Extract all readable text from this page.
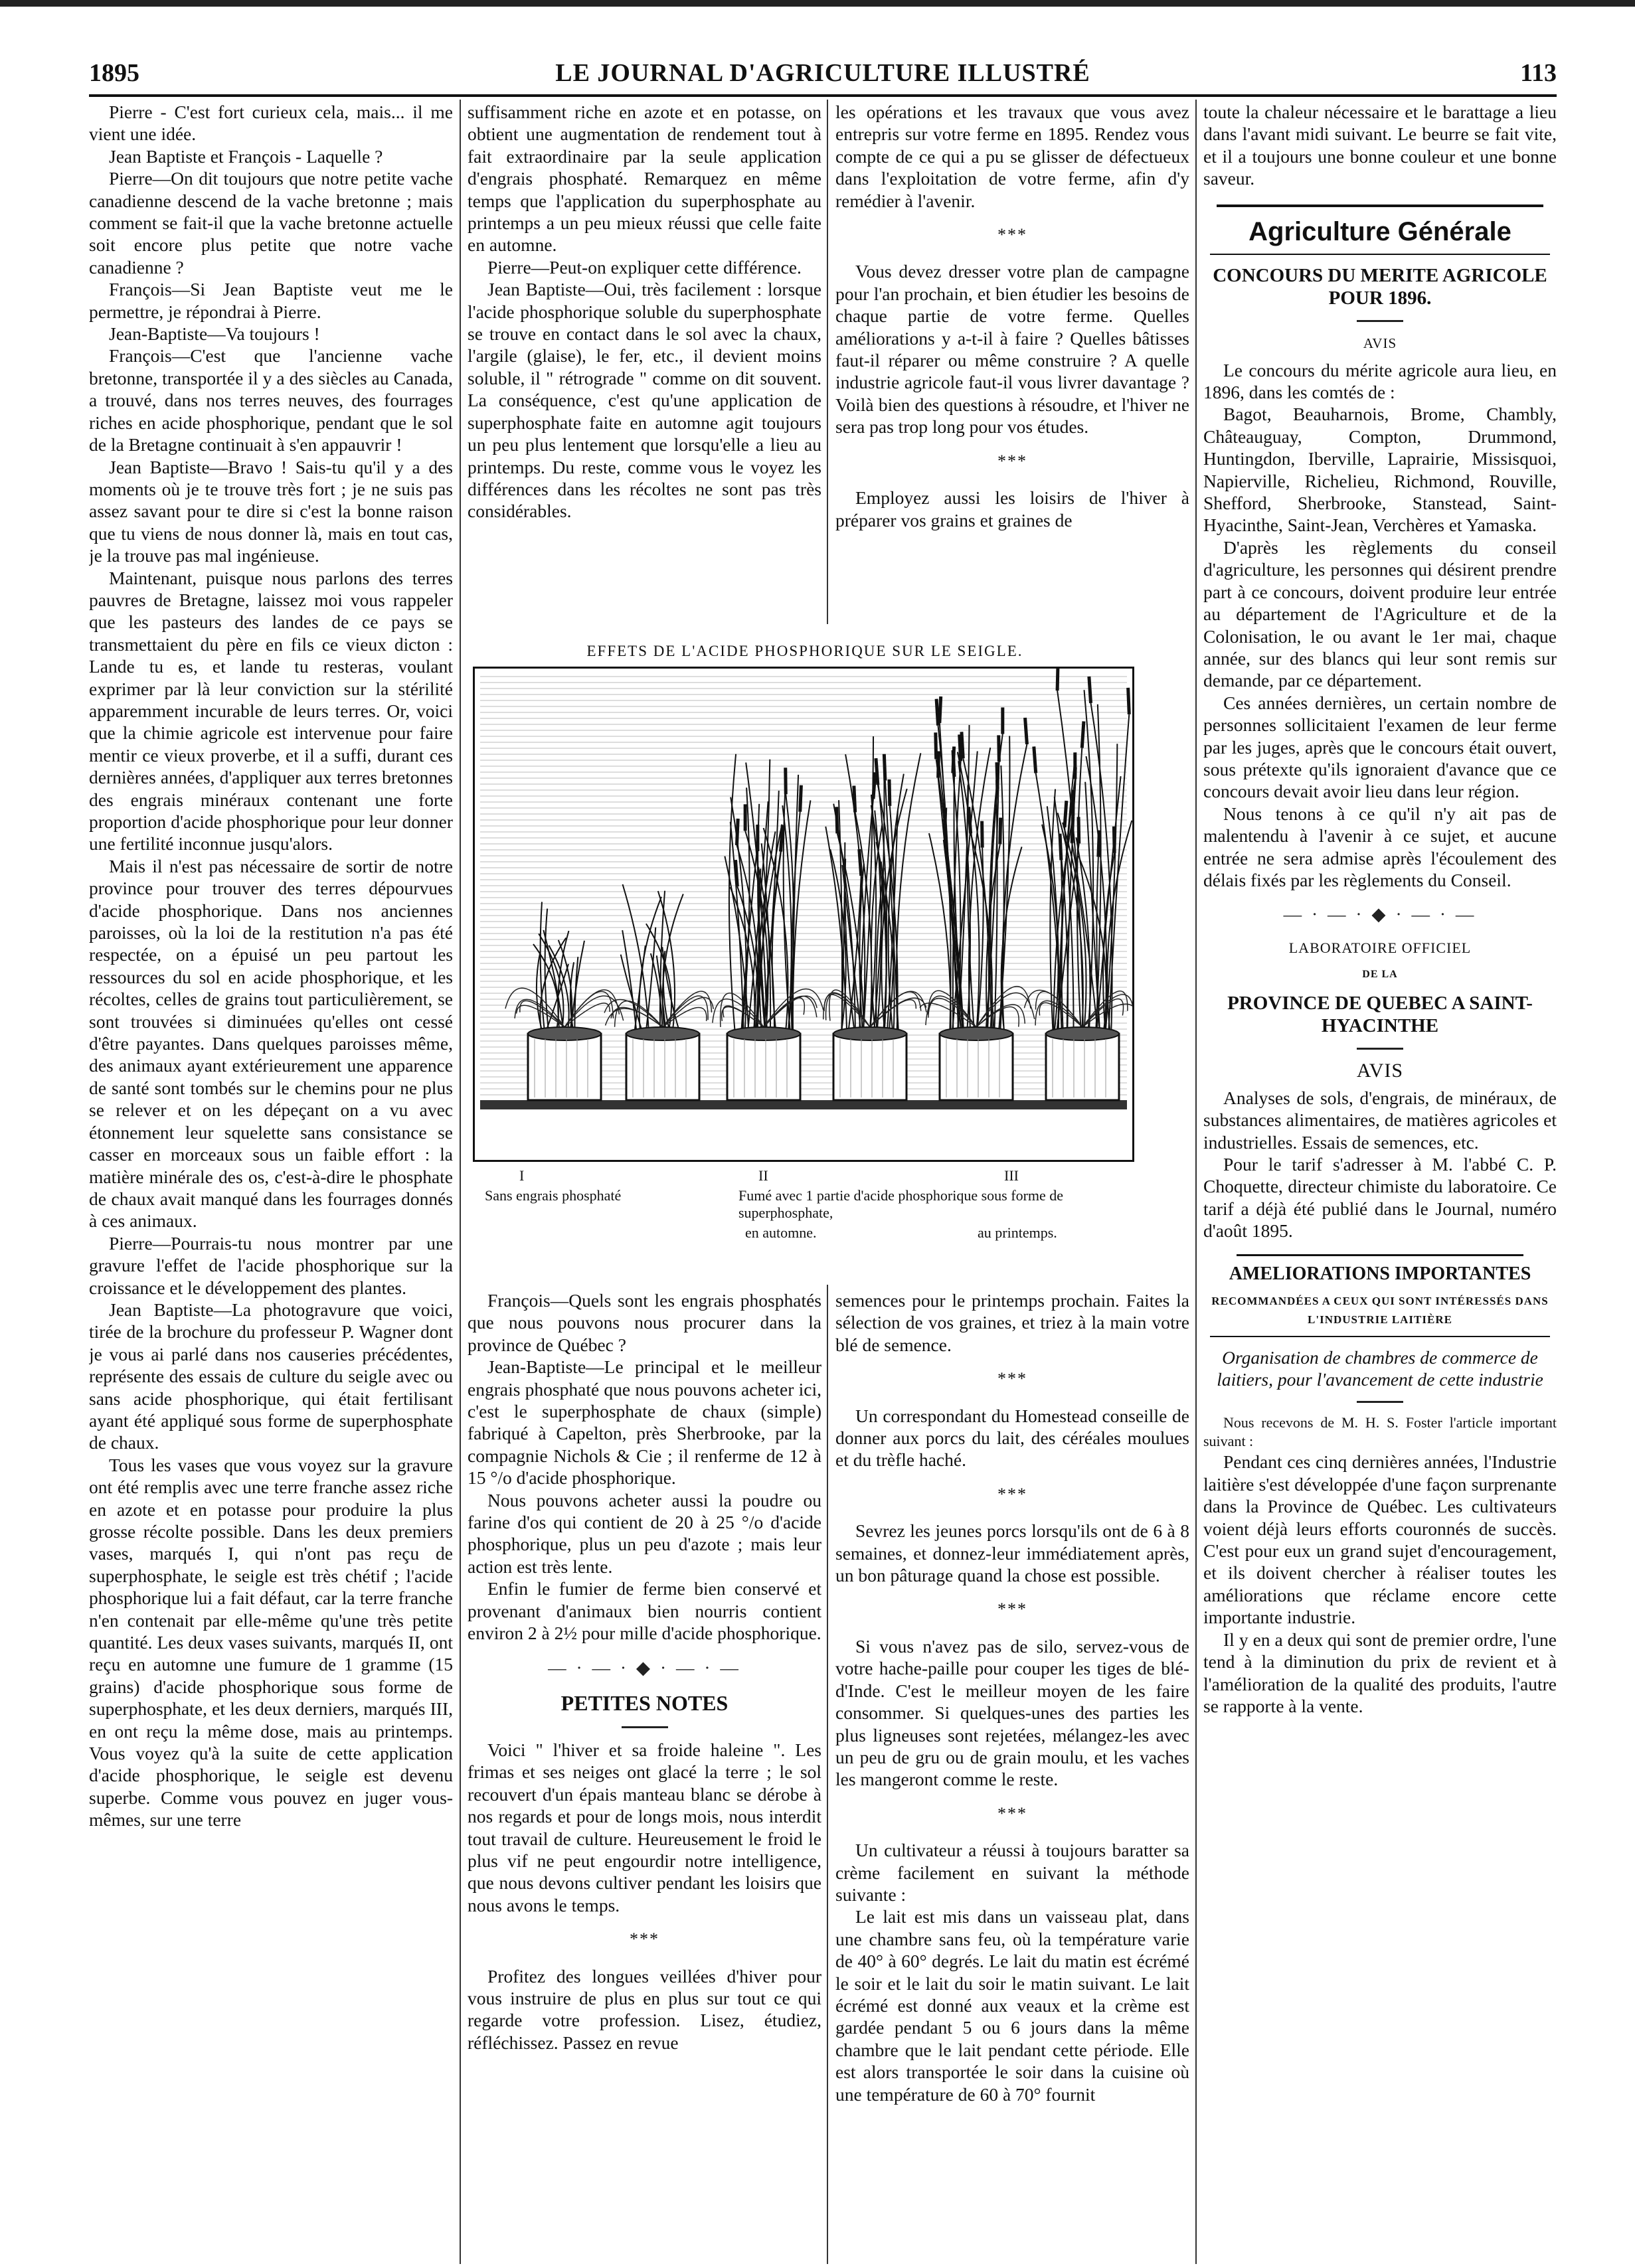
1895	LE JOURNAL D'AGRICULTURE ILLUSTRÉ	113

Pierre - C'est fort curieux cela, mais... il me vient une idée.

Jean Baptiste et François - Laquelle ?

Pierre—On dit toujours que notre petite vache canadienne descend de la vache bretonne ; mais comment se fait-il que la vache bretonne actuelle soit encore plus petite que notre vache canadienne ?

François—Si Jean Baptiste veut me le permettre, je répondrai à Pierre.

Jean-Baptiste—Va toujours !

François—C'est que l'ancienne vache bretonne, transportée il y a des siècles au Canada, a trouvé, dans nos terres neuves, des fourrages riches en acide phosphorique, pendant que le sol de la Bretagne continuait à s'en appauvrir !

Jean Baptiste—Bravo ! Sais-tu qu'il y a des moments où je te trouve très fort ; je ne suis pas assez savant pour te dire si c'est la bonne raison que tu viens de nous donner là, mais en tout cas, je la trouve pas mal ingénieuse.

Maintenant, puisque nous parlons des terres pauvres de Bretagne, laissez moi vous rappeler que les pasteurs des landes de ce pays se transmettaient du père en fils ce vieux dicton : Lande tu es, et lande tu resteras, voulant exprimer par là leur conviction sur la stérilité apparemment incurable de leurs terres. Or, voici que la chimie agricole est intervenue pour faire mentir ce vieux proverbe, et il a suffi, durant ces dernières années, d'appliquer aux terres bretonnes des engrais minéraux contenant une forte proportion d'acide phosphorique pour leur donner une fertilité inconnue jusqu'alors.

Mais il n'est pas nécessaire de sortir de notre province pour trouver des terres dépourvues d'acide phosphorique. Dans nos anciennes paroisses, où la loi de la restitution n'a pas été respectée, on a épuisé un peu partout les ressources du sol en acide phosphorique, et les récoltes, celles de grains tout particulièrement, se sont trouvées si diminuées qu'elles ont cessé d'être payantes. Dans quelques paroisses même, des animaux ayant extérieurement une apparence de santé sont tombés sur le chemins pour ne plus se relever et on les dépeçant on a vu avec étonnement leur squelette sans consistance se casser en morceaux sous un faible effort : la matière minérale des os, c'est-à-dire le phosphate de chaux avait manqué dans les fourrages donnés à ces animaux.

Pierre—Pourrais-tu nous montrer par une gravure l'effet de l'acide phosphorique sur la croissance et le développement des plantes.

Jean Baptiste—La photogravure que voici, tirée de la brochure du professeur P. Wagner dont je vous ai parlé dans nos causeries précédentes, représente des essais de culture du seigle avec ou sans acide phosphorique, qui était fertilisant ayant été appliqué sous forme de superphosphate de chaux.

Tous les vases que vous voyez sur la gravure ont été remplis avec une terre franche assez riche en azote et en potasse pour produire la plus grosse récolte possible. Dans les deux premiers vases, marqués I, qui n'ont pas reçu de superphosphate, le seigle est très chétif ; l'acide phosphorique lui a fait défaut, car la terre franche n'en contenait par elle-même qu'une très petite quantité. Les deux vases suivants, marqués II, ont reçu en automne une fumure de 1 gramme (15 grains) d'acide phosphorique sous forme de superphosphate, et les deux derniers, marqués III, en ont reçu la même dose, mais au printemps. Vous voyez qu'à la suite de cette application d'acide phosphorique, le seigle est devenu superbe. Comme vous pouvez en juger vous-mêmes, sur une terre

suffisamment riche en azote et en potasse, on obtient une augmentation de rendement tout à fait extraordinaire par la seule application d'engrais phosphaté. Remarquez en même temps que l'application du superphosphate au printemps a un peu mieux réussi que celle faite en automne.

Pierre—Peut-on expliquer cette différence.

Jean Baptiste—Oui, très facilement : lorsque l'acide phosphorique soluble du superphosphate se trouve en contact dans le sol avec la chaux, l'argile (glaise), le fer, etc., il devient moins soluble, il " rétrograde " comme on dit souvent. La conséquence, c'est qu'une application de superphosphate faite en automne agit toujours un peu plus lentement que lorsqu'elle a lieu au printemps. Du reste, comme vous le voyez les différences dans les récoltes ne sont pas très considérables.

les opérations et les travaux que vous avez entrepris sur votre ferme en 1895. Rendez vous compte de ce qui a pu se glisser de défectueux dans l'exploitation de votre ferme, afin d'y remédier à l'avenir.

***

Vous devez dresser votre plan de campagne pour l'an prochain, et bien étudier les besoins de chaque partie de votre ferme. Quelles améliorations y a-t-il à faire ? Quelles bâtisses faut-il réparer ou même construire ? A quelle industrie agricole faut-il vous livrer davantage ? Voilà bien des questions à résoudre, et l'hiver ne sera pas trop long pour vos études.

***

Employez aussi les loisirs de l'hiver à préparer vos grains et graines de

EFFETS DE L'ACIDE PHOSPHORIQUE SUR LE SEIGLE.
I	II	III
Sans engrais phosphaté	Fumé avec 1 partie d'acide phosphorique sous forme de superphosphate,
en automne.	au printemps.

François—Quels sont les engrais phosphatés que nous pouvons nous procurer dans la province de Québec ?

Jean-Baptiste—Le principal et le meilleur engrais phosphaté que nous pouvons acheter ici, c'est le superphosphate de chaux (simple) fabriqué à Capelton, près Sherbrooke, par la compagnie Nichols & Cie ; il renferme de 12 à 15 °/o d'acide phosphorique.

Nous pouvons acheter aussi la poudre ou farine d'os qui contient de 20 à 25 °/o d'acide phosphorique, plus un peu d'azote ; mais leur action est très lente.

Enfin le fumier de ferme bien conservé et provenant d'animaux bien nourris contient environ 2 à 2½ pour mille d'acide phosphorique.

— · — · ◆ · — · —
PETITES NOTES

Voici " l'hiver et sa froide haleine ". Les frimas et ses neiges ont glacé la terre ; le sol recouvert d'un épais manteau blanc se dérobe à nos regards et pour de longs mois, nous interdit tout travail de culture. Heureusement le froid le plus vif ne peut engourdir notre intelligence, que nous devons cultiver pendant les loisirs que nous avons le temps.

***

Profitez des longues veillées d'hiver pour vous instruire de plus en plus sur tout ce qui regarde votre profession. Lisez, étudiez, réfléchissez. Passez en revue

semences pour le printemps prochain. Faites la sélection de vos graines, et triez à la main votre blé de semence.

***

Un correspondant du Homestead conseille de donner aux porcs du lait, des céréales moulues et du trèfle haché.

***

Sevrez les jeunes porcs lorsqu'ils ont de 6 à 8 semaines, et donnez-leur immédiatement après, un bon pâturage quand la chose est possible.

***

Si vous n'avez pas de silo, servez-vous de votre hache-paille pour couper les tiges de blé-d'Inde. C'est le meilleur moyen de les faire consommer. Si quelques-unes des parties les plus ligneuses sont rejetées, mélangez-les avec un peu de gru ou de grain moulu, et les vaches les mangeront comme le reste.

***

Un cultivateur a réussi à toujours baratter sa crème facilement en suivant la méthode suivante :

Le lait est mis dans un vaisseau plat, dans une chambre sans feu, où la température varie de 40° à 60° degrés. Le lait du matin est écrémé le soir et le lait du soir le matin suivant. Le lait écrémé est donné aux veaux et la crème est gardée pendant 5 ou 6 jours dans la même chambre que le lait pendant cette période. Elle est alors transportée le soir dans la cuisine où une température de 60 à 70° fournit

toute la chaleur nécessaire et le barattage a lieu dans l'avant midi suivant. Le beurre se fait vite, et il a toujours une bonne couleur et une bonne saveur.

Agriculture Générale
CONCOURS DU MERITE AGRICOLE POUR 1896.
AVIS

Le concours du mérite agricole aura lieu, en 1896, dans les comtés de :

Bagot, Beauharnois, Brome, Chambly, Châteauguay, Compton, Drummond, Huntingdon, Iberville, Laprairie, Missisquoi, Napierville, Richelieu, Richmond, Rouville, Shefford, Sherbrooke, Stanstead, Saint-Hyacinthe, Saint-Jean, Verchères et Yamaska.

D'après les règlements du conseil d'agriculture, les personnes qui désirent prendre part à ce concours, doivent produire leur entrée au département de l'Agriculture et de la Colonisation, le ou avant le 1er mai, chaque année, sur des blancs qui leur sont remis sur demande, par ce département.

Ces années dernières, un certain nombre de personnes sollicitaient l'examen de leur ferme par les juges, après que le concours était ouvert, sous prétexte qu'ils ignoraient d'avance que ce concours devait avoir lieu dans leur région.

Nous tenons à ce qu'il n'y ait pas de malentendu à l'avenir à ce sujet, et aucune entrée ne sera admise après l'écoulement des délais fixés par les règlements du Conseil.

— · — · ◆ · — · —
LABORATOIRE OFFICIEL
DE LA
PROVINCE DE QUEBEC A SAINT-HYACINTHE
AVIS

Analyses de sols, d'engrais, de minéraux, de substances alimentaires, de matières agricoles et industrielles. Essais de semences, etc.

Pour le tarif s'adresser à M. l'abbé C. P. Choquette, directeur chimiste du laboratoire. Ce tarif a déjà été publié dans le Journal, numéro d'août 1895.

AMELIORATIONS IMPORTANTES
RECOMMANDÉES A CEUX QUI SONT INTÉRESSÉS DANS L'INDUSTRIE LAITIÈRE

Organisation de chambres de commerce de laitiers, pour l'avancement de cette industrie

Nous recevons de M. H. S. Foster l'article important suivant :

Pendant ces cinq dernières années, l'Industrie laitière s'est développée d'une façon surprenante dans la Province de Québec. Les cultivateurs voient déjà leurs efforts couronnés de succès. C'est pour eux un grand sujet d'encouragement, et ils doivent chercher à réaliser toutes les améliorations que réclame encore cette importante industrie.

Il y en a deux qui sont de premier ordre, l'une tend à la diminution du prix de revient et à l'amélioration de la qualité des produits, l'autre se rapporte à la vente.
